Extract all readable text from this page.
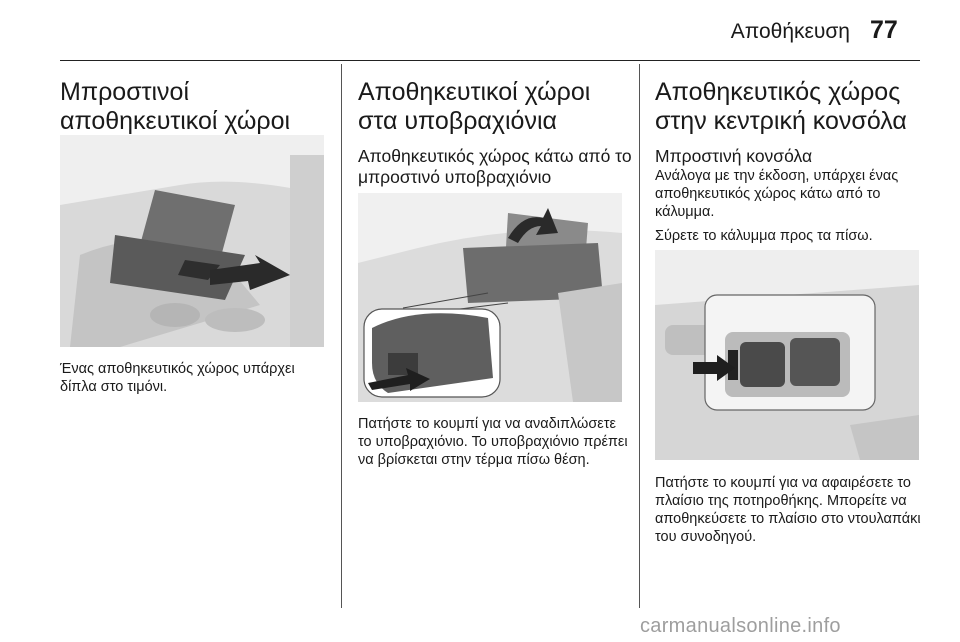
Αποθήκευση 77
Μπροστινοί αποθηκευτικοί χώροι

Ένας αποθηκευτικός χώρος υπάρχει δίπλα στο τιμόνι.

Αποθηκευτικοί χώροι στα υποβραχιόνια
Αποθηκευτικός χώρος κάτω από το μπροστινό υποβραχιόνιο

Πατήστε το κουμπί για να αναδιπλώσετε το υποβραχιόνιο. Το υποβραχιόνιο πρέπει να βρίσκεται στην τέρμα πίσω θέση.

Αποθηκευτικός χώρος στην κεντρική κονσόλα
Μπροστινή κονσόλα

Ανάλογα με την έκδοση, υπάρχει ένας αποθηκευτικός χώρος κάτω από το κάλυμμα.

Σύρετε το κάλυμμα προς τα πίσω.

Πατήστε το κουμπί για να αφαιρέσετε το πλαίσιο της ποτηροθήκης. Μπορείτε να αποθηκεύσετε το πλαίσιο στο ντουλαπάκι του συνοδηγού.

carmanualsonline.info
